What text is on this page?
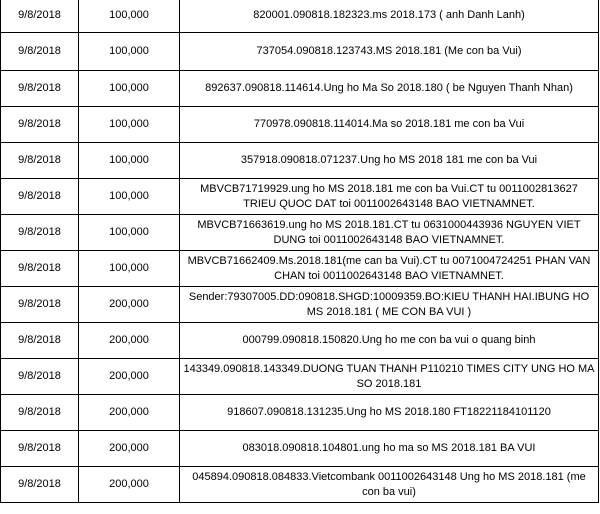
9/8/2018	100,000	820001.090818.182323.ms 2018.173 ( anh Danh Lanh)
9/8/2018	100,000	737054.090818.123743.MS 2018.181 (Me con ba Vui)
9/8/2018	100,000	892637.090818.114614.Ung ho Ma So 2018.180 ( be Nguyen Thanh Nhan)
9/8/2018	100,000	770978.090818.114014.Ma so 2018.181 me con ba Vui
9/8/2018	100,000	357918.090818.071237.Ung ho MS 2018 181 me con ba Vui
9/8/2018	100,000	MBVCB71719929.ung ho MS 2018.181 me con ba Vui.CT tu 0011002813627 TRIEU QUOC DAT toi 0011002643148 BAO VIETNAMNET.
9/8/2018	100,000	MBVCB71663619.ung ho MS 2018.181.CT tu 0631000443936 NGUYEN VIET DUNG toi 0011002643148 BAO VIETNAMNET.
9/8/2018	100,000	MBVCB71662409.Ms.2018.181(me can ba Vui).CT tu 0071004724251 PHAN VAN CHAN toi 0011002643148 BAO VIETNAMNET.
9/8/2018	200,000	Sender:79307005.DD:090818.SHGD:10009359.BO:KIEU THANH HAI.IBUNG HO MS 2018.181 ( ME CON BA VUI )
9/8/2018	200,000	000799.090818.150820.Ung ho me con ba vui o quang binh
9/8/2018	200,000	143349.090818.143349.DUONG TUAN THANH P110210 TIMES CITY UNG HO MA SO 2018.181
9/8/2018	200,000	918607.090818.131235.Ung ho MS 2018.180 FT18221184101120
9/8/2018	200,000	083018.090818.104801.ung ho ma so MS 2018.181 BA VUI
9/8/2018	200,000	045894.090818.084833.Vietcombank 0011002643148 Ung ho MS 2018.181 (me con ba vui)
